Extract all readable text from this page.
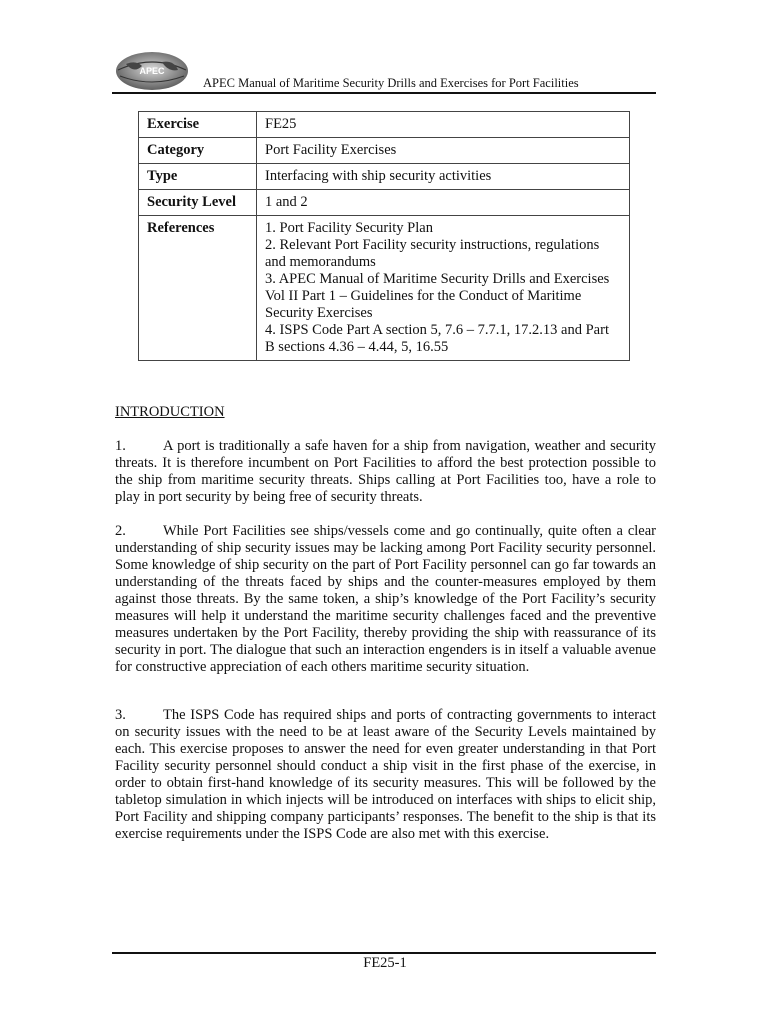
APEC
APEC Manual of Maritime Security Drills and Exercises for Port Facilities
Exercise	FE25
Category	Port Facility Exercises
Type	Interfacing with ship security activities
Security Level	1 and 2
References	1. Port Facility Security Plan
2. Relevant Port Facility security instructions, regulations and memorandums
3. APEC Manual of Maritime Security Drills and Exercises Vol II Part 1 – Guidelines for the Conduct of Maritime Security Exercises
4. ISPS Code Part A section 5, 7.6 – 7.7.1, 17.2.13 and Part B sections 4.36 – 4.44, 5, 16.55
INTRODUCTION
1.	A port is traditionally a safe haven for a ship from navigation, weather and security threats. It is therefore incumbent on Port Facilities to afford the best protection possible to the ship from maritime security threats. Ships calling at Port Facilities too, have a role to play in port security by being free of security threats.
2.	While Port Facilities see ships/vessels come and go continually, quite often a clear understanding of ship security issues may be lacking among Port Facility security personnel. Some knowledge of ship security on the part of Port Facility personnel can go far towards an understanding of the threats faced by ships and the counter-measures employed by them against those threats. By the same token, a ship’s knowledge of the Port Facility’s security measures will help it understand the maritime security challenges faced and the preventive measures undertaken by the Port Facility, thereby providing the ship with reassurance of its security in port. The dialogue that such an interaction engenders is in itself a valuable avenue for constructive appreciation of each others maritime security situation.
3.	The ISPS Code has required ships and ports of contracting governments to interact on security issues with the need to be at least aware of the Security Levels maintained by each. This exercise proposes to answer the need for even greater understanding in that Port Facility security personnel should conduct a ship visit in the first phase of the exercise, in order to obtain first-hand knowledge of its security measures. This will be followed by the tabletop simulation in which injects will be introduced on interfaces with ships to elicit ship, Port Facility and shipping company participants’ responses. The benefit to the ship is that its exercise requirements under the ISPS Code are also met with this exercise.
FE25-1
